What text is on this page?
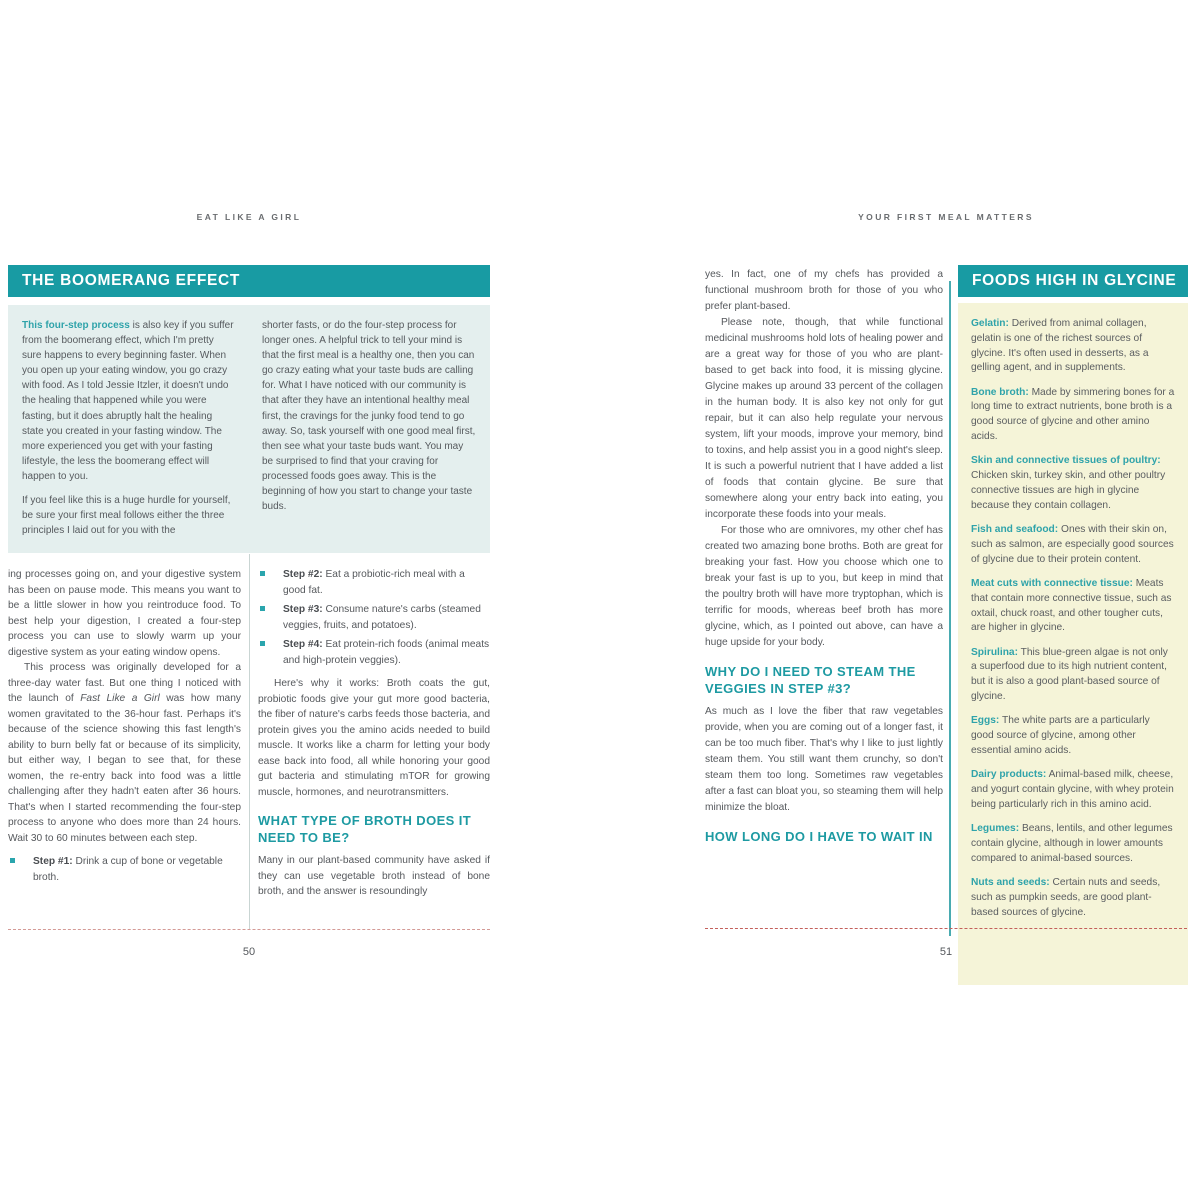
EAT LIKE A GIRL
THE BOOMERANG EFFECT

This four-step process is also key if you suffer from the boomerang effect, which I'm pretty sure happens to every beginning faster. When you open up your eating window, you go crazy with food. As I told Jessie Itzler, it doesn't undo the healing that happened while you were fasting, but it does abruptly halt the healing state you created in your fasting window. The more experienced you get with your fasting lifestyle, the less the boomerang effect will happen to you.

If you feel like this is a huge hurdle for yourself, be sure your first meal follows either the three principles I laid out for you with the

shorter fasts, or do the four-step process for longer ones. A helpful trick to tell your mind is that the first meal is a healthy one, then you can go crazy eating what your taste buds are calling for. What I have noticed with our community is that after they have an intentional healthy meal first, the cravings for the junky food tend to go away. So, task yourself with one good meal first, then see what your taste buds want. You may be surprised to find that your craving for processed foods goes away. This is the beginning of how you start to change your taste buds.

ing processes going on, and your digestive system has been on pause mode. This means you want to be a little slower in how you reintroduce food. To best help your digestion, I created a four-step process you can use to slowly warm up your digestive system as your eating window opens.

This process was originally developed for a three-day water fast. But one thing I noticed with the launch of Fast Like a Girl was how many women gravitated to the 36-hour fast. Perhaps it's because of the science showing this fast length's ability to burn belly fat or because of its simplicity, but either way, I began to see that, for these women, the re-entry back into food was a little challenging after they hadn't eaten after 36 hours. That's when I started recommending the four-step process to anyone who does more than 24 hours. Wait 30 to 60 minutes between each step.

Step #1: Drink a cup of bone or vegetable broth.
Step #2: Eat a probiotic-rich meal with a good fat.
Step #3: Consume nature's carbs (steamed veggies, fruits, and potatoes).
Step #4: Eat protein-rich foods (animal meats and high-protein veggies).

Here's why it works: Broth coats the gut, probiotic foods give your gut more good bacteria, the fiber of nature's carbs feeds those bacteria, and protein gives you the amino acids needed to build muscle. It works like a charm for letting your body ease back into food, all while honoring your good gut bacteria and stimulating mTOR for growing muscle, hormones, and neurotransmitters.

WHAT TYPE OF BROTH DOES IT NEED TO BE?

Many in our plant-based community have asked if they can use vegetable broth instead of bone broth, and the answer is resoundingly

50
YOUR FIRST MEAL MATTERS

yes. In fact, one of my chefs has provided a functional mushroom broth for those of you who prefer plant-based.

Please note, though, that while functional medicinal mushrooms hold lots of healing power and are a great way for those of you who are plant-based to get back into food, it is missing glycine. Glycine makes up around 33 percent of the collagen in the human body. It is also key not only for gut repair, but it can also help regulate your nervous system, lift your moods, improve your memory, bind to toxins, and help assist you in a good night's sleep. It is such a powerful nutrient that I have added a list of foods that contain glycine. Be sure that somewhere along your entry back into eating, you incorporate these foods into your meals.

For those who are omnivores, my other chef has created two amazing bone broths. Both are great for breaking your fast. How you choose which one to break your fast is up to you, but keep in mind that the poultry broth will have more tryptophan, which is terrific for moods, whereas beef broth has more glycine, which, as I pointed out above, can have a huge upside for your body.

WHY DO I NEED TO STEAM THE VEGGIES IN STEP #3?

As much as I love the fiber that raw vegetables provide, when you are coming out of a longer fast, it can be too much fiber. That's why I like to just lightly steam them. You still want them crunchy, so don't steam them too long. Sometimes raw vegetables after a fast can bloat you, so steaming them will help minimize the bloat.

HOW LONG DO I HAVE TO WAIT IN
FOODS HIGH IN GLYCINE
Gelatin: Derived from animal collagen, gelatin is one of the richest sources of glycine. It's often used in desserts, as a gelling agent, and in supplements.
Bone broth: Made by simmering bones for a long time to extract nutrients, bone broth is a good source of glycine and other amino acids.
Skin and connective tissues of poultry: Chicken skin, turkey skin, and other poultry connective tissues are high in glycine because they contain collagen.
Fish and seafood: Ones with their skin on, such as salmon, are especially good sources of glycine due to their protein content.
Meat cuts with connective tissue: Meats that contain more connective tissue, such as oxtail, chuck roast, and other tougher cuts, are higher in glycine.
Spirulina: This blue-green algae is not only a superfood due to its high nutrient content, but it is also a good plant-based source of glycine.
Eggs: The white parts are a particularly good source of glycine, among other essential amino acids.
Dairy products: Animal-based milk, cheese, and yogurt contain glycine, with whey protein being particularly rich in this amino acid.
Legumes: Beans, lentils, and other legumes contain glycine, although in lower amounts compared to animal-based sources.
Nuts and seeds: Certain nuts and seeds, such as pumpkin seeds, are good plant-based sources of glycine.
51
